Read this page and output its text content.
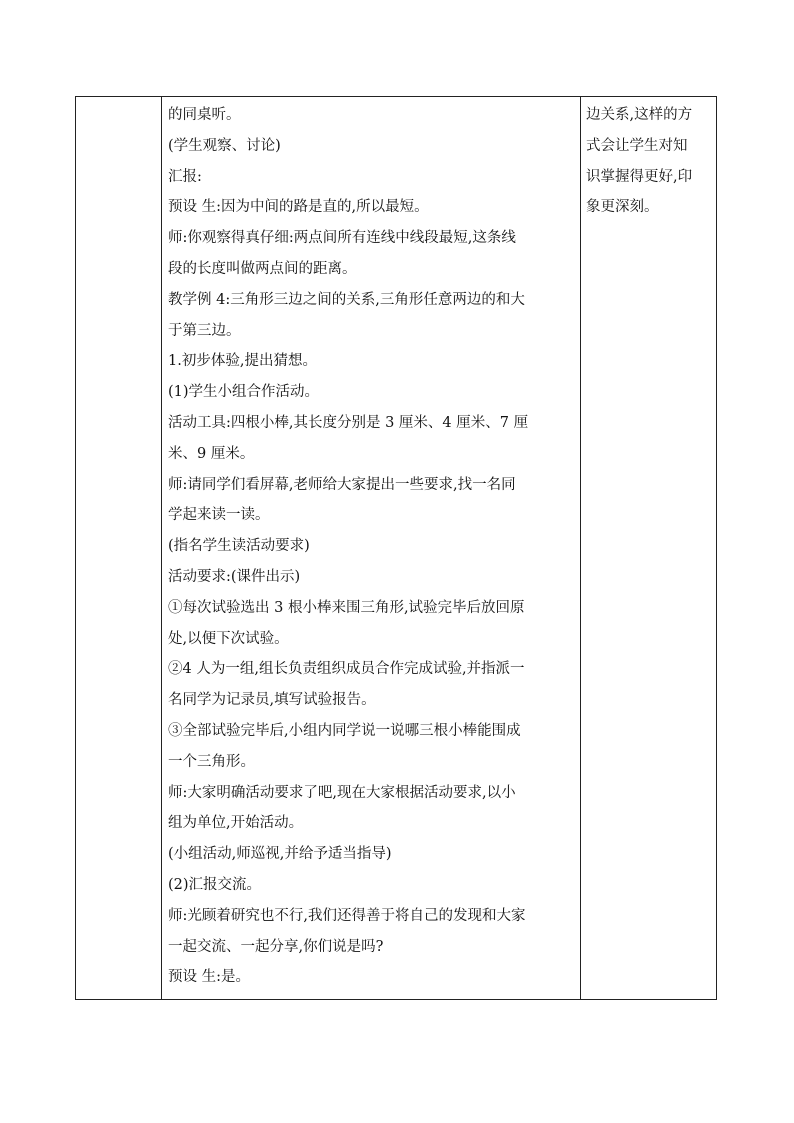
的同桌听。
(学生观察、讨论)
汇报:
预设 生:因为中间的路是直的,所以最短。
师:你观察得真仔细:两点间所有连线中线段最短,这条线
段的长度叫做两点间的距离。
教学例 4:三角形三边之间的关系,三角形任意两边的和大
于第三边。
1.初步体验,提出猜想。
(1)学生小组合作活动。
活动工具:四根小棒,其长度分别是 3 厘米、4 厘米、7 厘
米、9 厘米。
师:请同学们看屏幕,老师给大家提出一些要求,找一名同
学起来读一读。
(指名学生读活动要求)
活动要求:(课件出示)
①每次试验选出 3 根小棒来围三角形,试验完毕后放回原
处,以便下次试验。
②4 人为一组,组长负责组织成员合作完成试验,并指派一
名同学为记录员,填写试验报告。
③全部试验完毕后,小组内同学说一说哪三根小棒能围成
一个三角形。
师:大家明确活动要求了吧,现在大家根据活动要求,以小
组为单位,开始活动。
(小组活动,师巡视,并给予适当指导)
(2)汇报交流。
师:光顾着研究也不行,我们还得善于将自己的发现和大家
一起交流、一起分享,你们说是吗?
预设 生:是。
边关系,这样的方
式会让学生对知
识掌握得更好,印
象更深刻。
